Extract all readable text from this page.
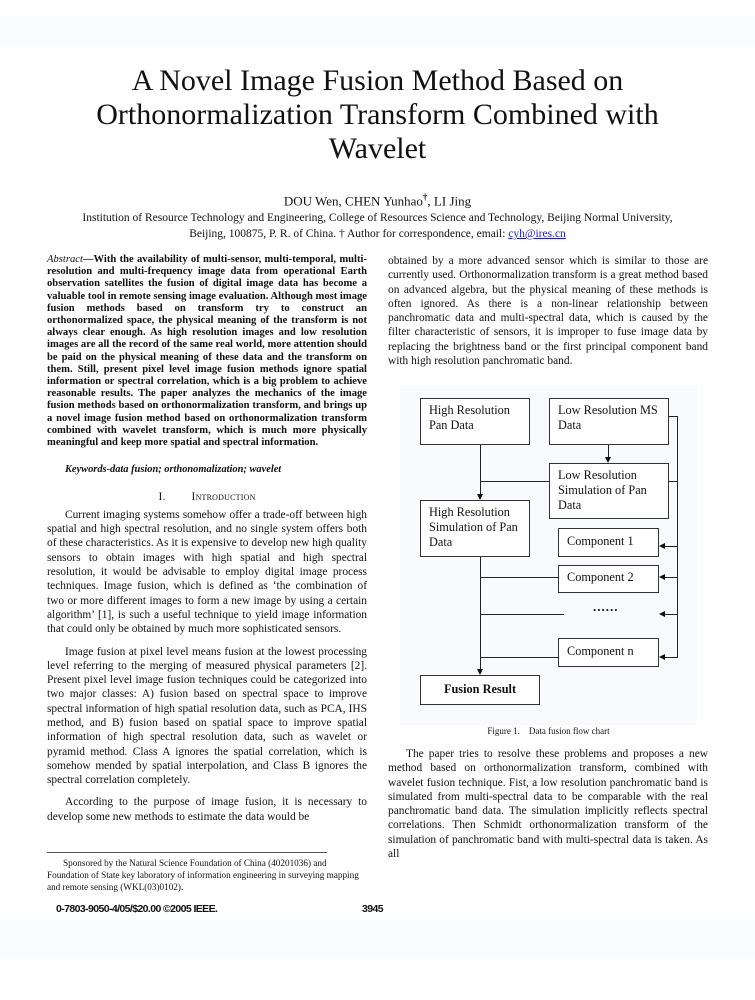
A Novel Image Fusion Method Based on
Orthonormalization Transform Combined with
Wavelet
DOU Wen, CHEN Yunhao†, LI Jing
Institution of Resource Technology and Engineering, College of Resources Science and Technology, Beijing Normal University,
Beijing, 100875, P. R. of China. † Author for correspondence, email: cyh@ires.cn

Abstract—With the availability of multi-sensor, multi-temporal, multi-resolution and multi-frequency image data from operational Earth observation satellites the fusion of digital image data has become a valuable tool in remote sensing image evaluation. Although most image fusion methods based on transform try to construct an orthonormalized space, the physical meaning of the transform is not always clear enough. As high resolution images and low resolution images are all the record of the same real world, more attention should be paid on the physical meaning of these data and the transform on them. Still, present pixel level image fusion methods ignore spatial information or spectral correlation, which is a big problem to achieve reasonable results. The paper analyzes the mechanics of the image fusion methods based on orthonormalization transform, and brings up a novel image fusion method based on orthonormalization transform combined with wavelet transform, which is much more physically meaningful and keep more spatial and spectral information.

Keywords-data fusion; orthonomalization; wavelet

I. Introduction

Current imaging systems somehow offer a trade-off between high spatial and high spectral resolution, and no single system offers both of these characteristics. As it is expensive to develop new high quality sensors to obtain images with high spatial and high spectral resolution, it would be advisable to employ digital image process techniques. Image fusion, which is defined as ‘the combination of two or more different images to form a new image by using a certain algorithm’ [1], is such a useful technique to yield image information that could only be obtained by much more sophisticated sensors.

Image fusion at pixel level means fusion at the lowest processing level referring to the merging of measured physical parameters [2]. Present pixel level image fusion techniques could be categorized into two major classes: A) fusion based on spectral space to improve spectral information of high spatial resolution data, such as PCA, IHS method, and B) fusion based on spatial space to improve spatial information of high spectral resolution data, such as wavelet or pyramid method. Class A ignores the spatial correlation, which is somehow mended by spatial interpolation, and Class B ignores the spectral correlation completely.

According to the purpose of image fusion, it is necessary to develop some new methods to estimate the data would be

obtained by a more advanced sensor which is similar to those are currently used. Orthonormalization transform is a great method based on advanced algebra, but the physical meaning of these methods is often ignored. As there is a non-linear relationship between panchromatic data and multi-spectral data, which is caused by the filter characteristic of sensors, it is improper to fuse image data by replacing the brightness band or the first principal component band with high resolution panchromatic band.

High Resolution Pan Data
Low Resolution MS Data
Low Resolution Simulation of Pan Data
High Resolution Simulation of Pan Data	Component 1
Component 2
......
Component n
Fusion Result
Figure 1.    Data fusion flow chart

The paper tries to resolve these problems and proposes a new method based on orthonormalization transform, combined with wavelet fusion technique. Fist, a low resolution panchromatic band is simulated from multi-spectral data to be comparable with the real panchromatic band data. The simulation implicitly reflects spectral correlations. Then Schmidt orthonormalization transform of the simulation of panchromatic band with multi-spectral data is taken. As all

Sponsored by the Natural Science Foundation of China (40201036) and
Foundation of State key laboratory of information engineering in surveying mapping and remote sensing (WKL(03)0102).
0-7803-9050-4/05/$20.00 ©2005 IEEE.	3945
